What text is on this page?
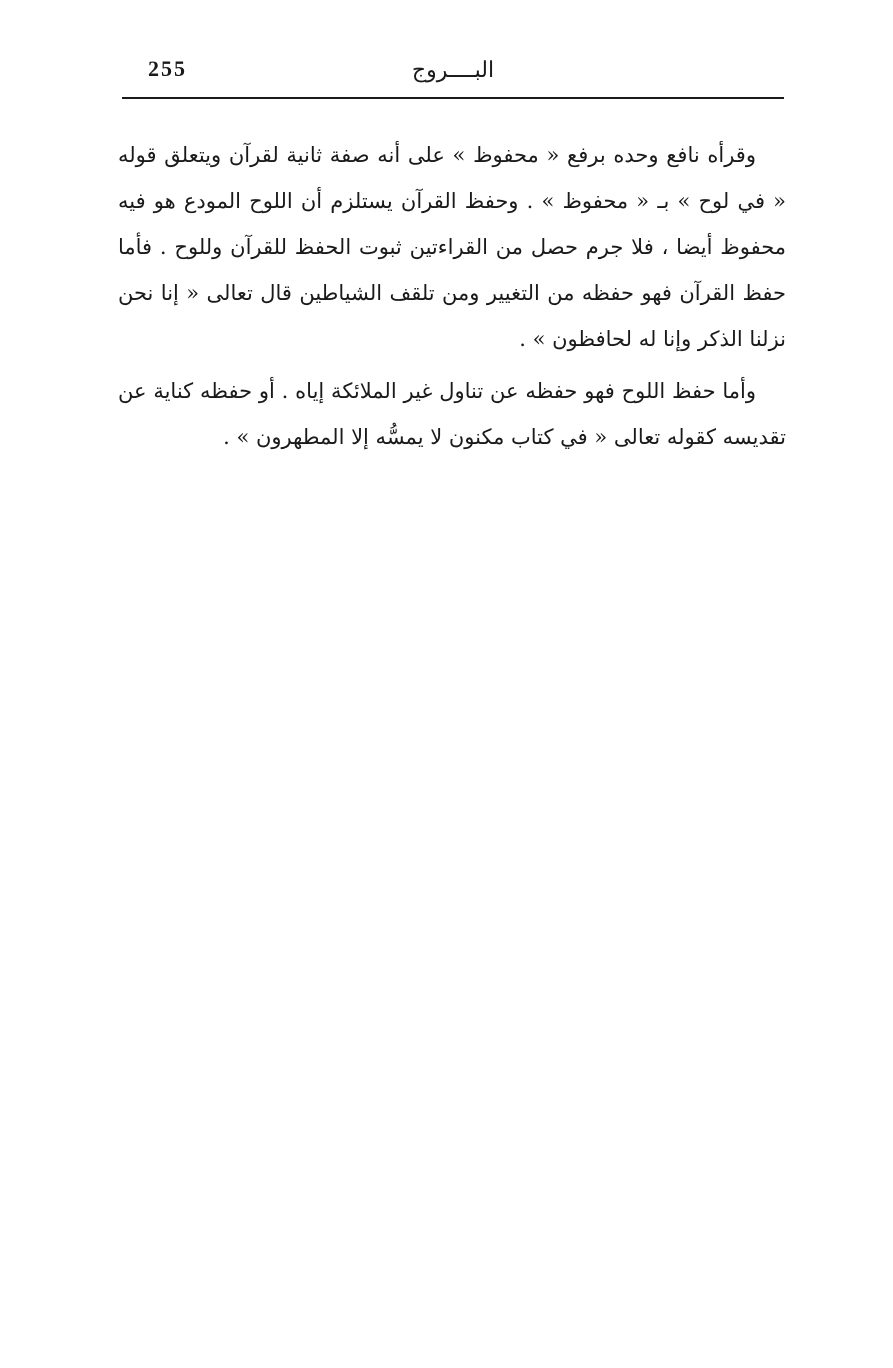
255	البــــروج

وقرأه نافع وحده برفع « محفوظ » على أنه صفة ثانية لقرآن ويتعلق قوله « في لوح » بـ « محفوظ » . وحفظ القرآن يستلزم أن اللوح المودع هو فيه محفوظ أيضا ، فلا جرم حصل من القراءتين ثبوت الحفظ للقرآن وللوح . فأما حفظ القرآن فهو حفظه من التغيير ومن تلقف الشياطين قال تعالى « إنا نحن نزلنا الذكر وإنا له لحافظون » .

وأما حفظ اللوح فهو حفظه عن تناول غير الملائكة إياه . أو حفظه كناية عن تقديسه كقوله تعالى « في كتاب مكنون لا يمسُّه إلا المطهرون » .
